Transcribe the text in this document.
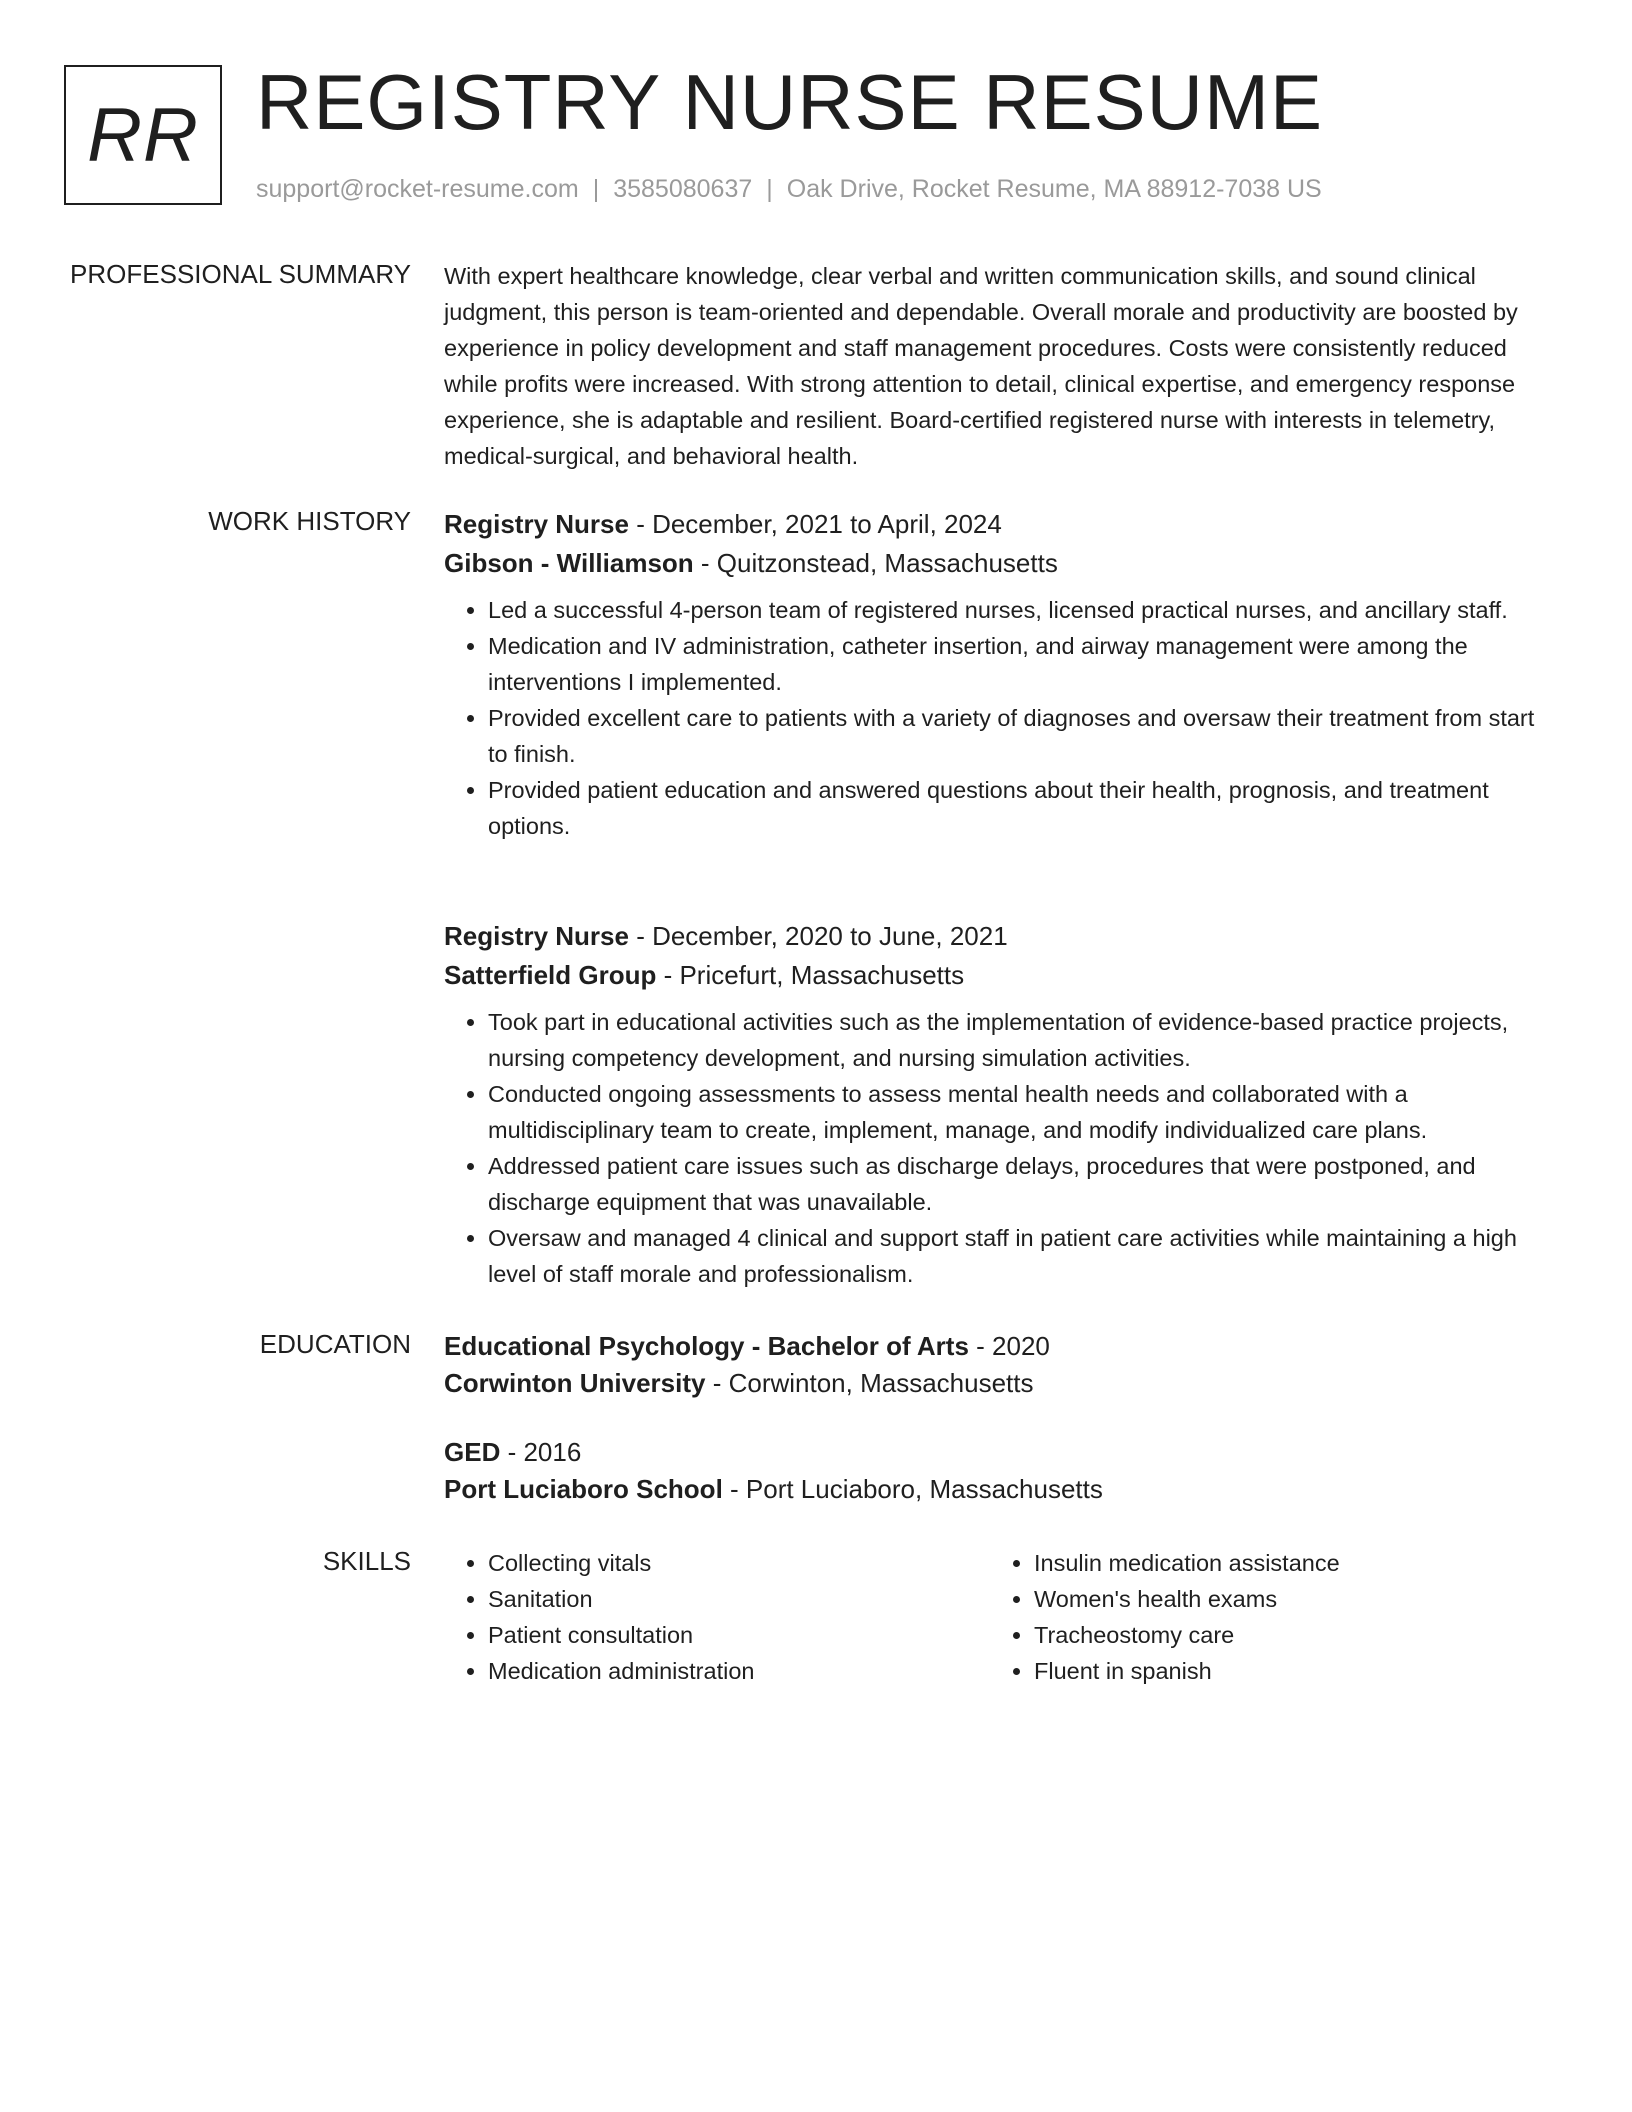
RR REGISTRY NURSE RESUME
support@rocket-resume.com | 3585080637 | Oak Drive, Rocket Resume, MA 88912-7038 US
PROFESSIONAL SUMMARY With expert healthcare knowledge, clear verbal and written communication skills, and sound clinical judgment, this person is team-oriented and dependable. Overall morale and productivity are boosted by experience in policy development and staff management procedures. Costs were consistently reduced while profits were increased. With strong attention to detail, clinical expertise, and emergency response experience, she is adaptable and resilient. Board-certified registered nurse with interests in telemetry, medical-surgical, and behavioral health.

WORK HISTORY Registry Nurse - December, 2021 to April, 2024
Gibson - Williamson - Quitzonstead, Massachusetts
• Led a successful 4-person team of registered nurses, licensed practical nurses, and ancillary staff.
• Medication and IV administration, catheter insertion, and airway management were among the interventions I implemented.
• Provided excellent care to patients with a variety of diagnoses and oversaw their treatment from start to finish.
• Provided patient education and answered questions about their health, prognosis, and treatment options.
Registry Nurse - December, 2020 to June, 2021
Satterfield Group - Pricefurt, Massachusetts
• Took part in educational activities such as the implementation of evidence-based practice projects, nursing competency development, and nursing simulation activities.
• Conducted ongoing assessments to assess mental health needs and collaborated with a multidisciplinary team to create, implement, manage, and modify individualized care plans.
• Addressed patient care issues such as discharge delays, procedures that were postponed, and discharge equipment that was unavailable.
• Oversaw and managed 4 clinical and support staff in patient care activities while maintaining a high level of staff morale and professionalism.
EDUCATION Educational Psychology - Bachelor of Arts - 2020
Corwinton University - Corwinton, Massachusetts
GED - 2016
Port Luciaboro School - Port Luciaboro, Massachusetts
SKILLS
•	Collecting vitals
• Sanitation
• Patient consultation
• Medication administration
• Insulin medication assistance
• Women's health exams
• Tracheostomy care
• Fluent in spanish
